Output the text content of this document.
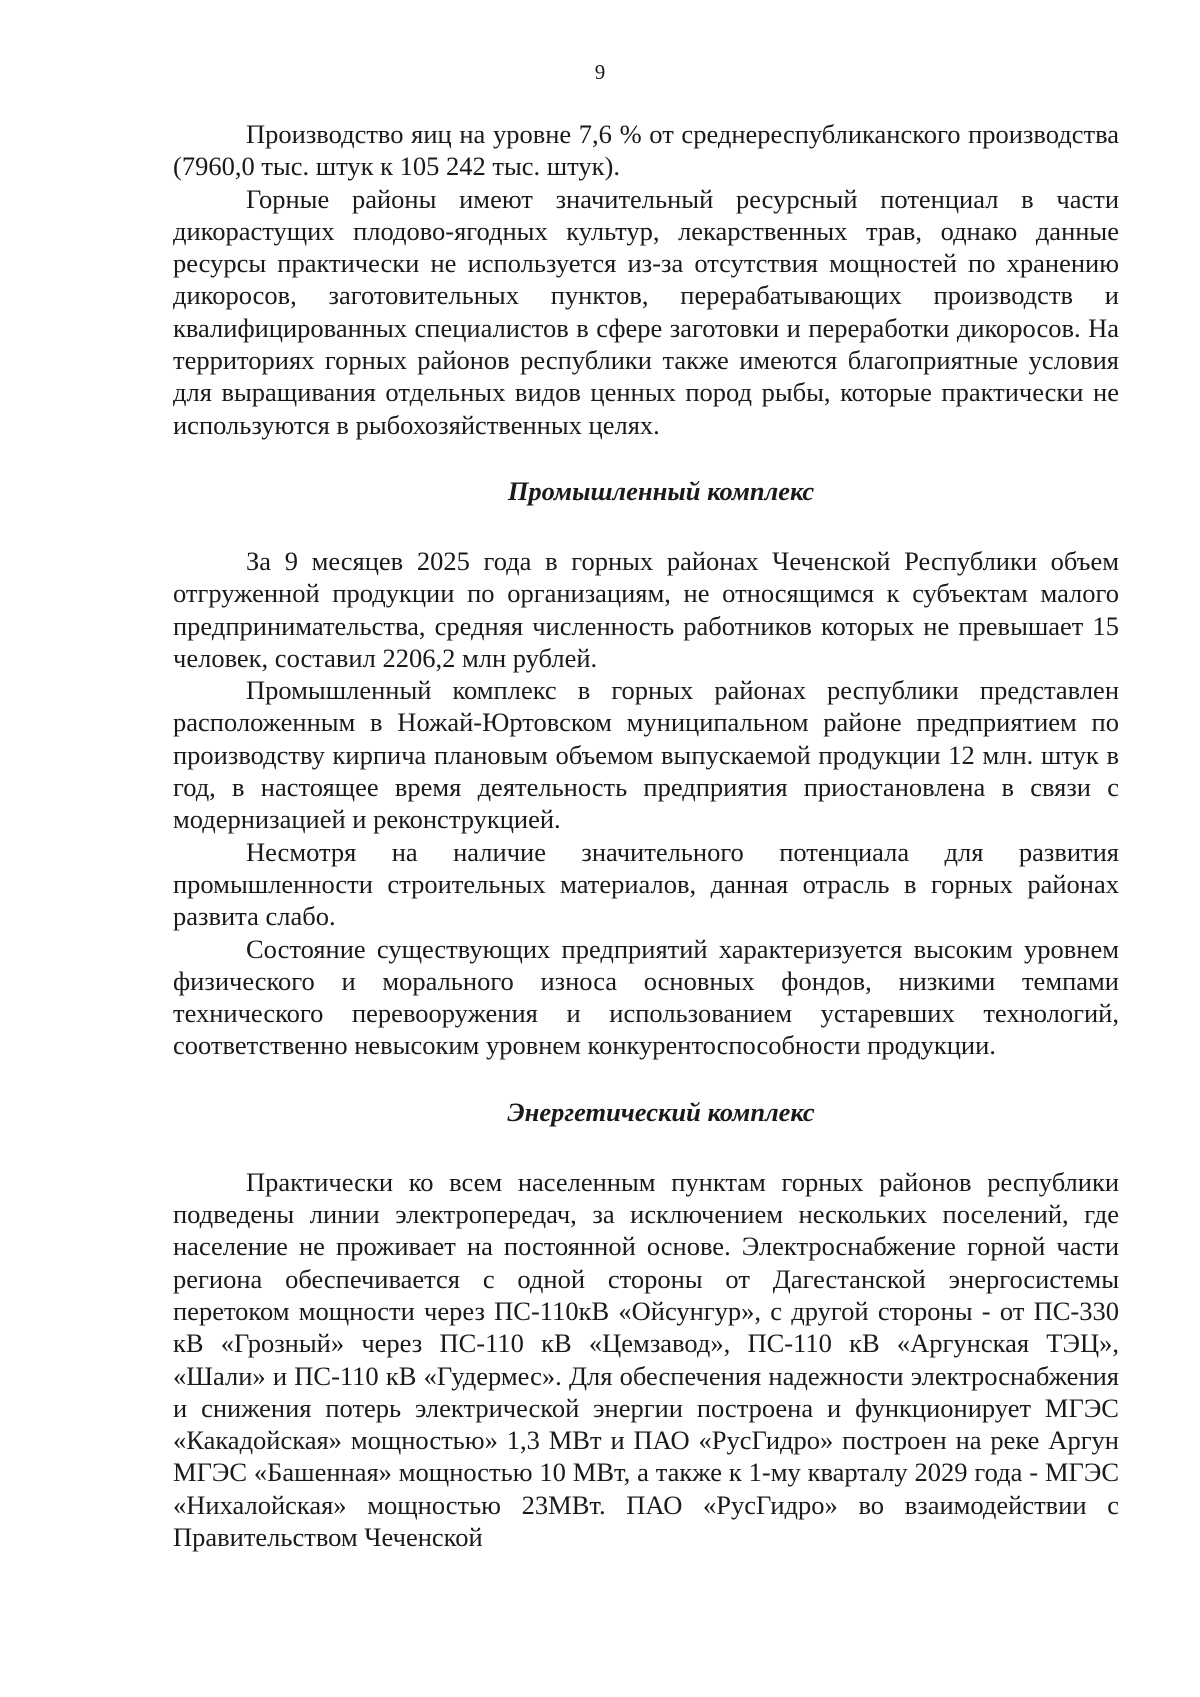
9

Производство яиц на уровне 7,6 % от среднереспубликанского производства (7960,0 тыс. штук к 105 242 тыс. штук).

Горные районы имеют значительный ресурсный потенциал в части дикорастущих плодово-ягодных культур, лекарственных трав, однако данные ресурсы практически не используется из-за отсутствия мощностей по хранению дикоросов, заготовительных пунктов, перерабатывающих производств и квалифицированных специалистов в сфере заготовки и переработки дикоросов. На территориях горных районов республики также имеются благоприятные условия для выращивания отдельных видов ценных пород рыбы, которые практически не используются в рыбохозяйственных целях.

Промышленный комплекс

За 9 месяцев 2025 года в горных районах Чеченской Республики объем отгруженной продукции по организациям, не относящимся к субъектам малого предпринимательства, средняя численность работников которых не превышает 15 человек, составил 2206,2 млн рублей.

Промышленный комплекс в горных районах республики представлен расположенным в Ножай-Юртовском муниципальном районе предприятием по производству кирпича плановым объемом выпускаемой продукции 12 млн. штук в год, в настоящее время деятельность предприятия приостановлена в связи с модернизацией и реконструкцией.

Несмотря на наличие значительного потенциала для развития промышленности строительных материалов, данная отрасль в горных районах развита слабо.

Состояние существующих предприятий характеризуется высоким уровнем физического и морального износа основных фондов, низкими темпами технического перевооружения и использованием устаревших технологий, соответственно невысоким уровнем конкурентоспособности продукции.

Энергетический комплекс

Практически ко всем населенным пунктам горных районов республики подведены линии электропередач, за исключением нескольких поселений, где население не проживает на постоянной основе. Электроснабжение горной части региона обеспечивается с одной стороны от Дагестанской энергосистемы перетоком мощности через ПС-110кВ «Ойсунгур», с другой стороны - от ПС-330 кВ «Грозный» через ПС-110 кВ «Цемзавод», ПС-110 кВ «Аргунская ТЭЦ», «Шали» и ПС-110 кВ «Гудермес». Для обеспечения надежности электроснабжения и снижения потерь электрической энергии построена и функционирует МГЭС «Какадойская» мощностью» 1,3 МВт и ПАО «РусГидро» построен на реке Аргун МГЭС «Башенная» мощностью 10 МВт, а также к 1-му кварталу 2029 года - МГЭС «Нихалойская» мощностью 23МВт. ПАО «РусГидро» во взаимодействии с Правительством Чеченской
